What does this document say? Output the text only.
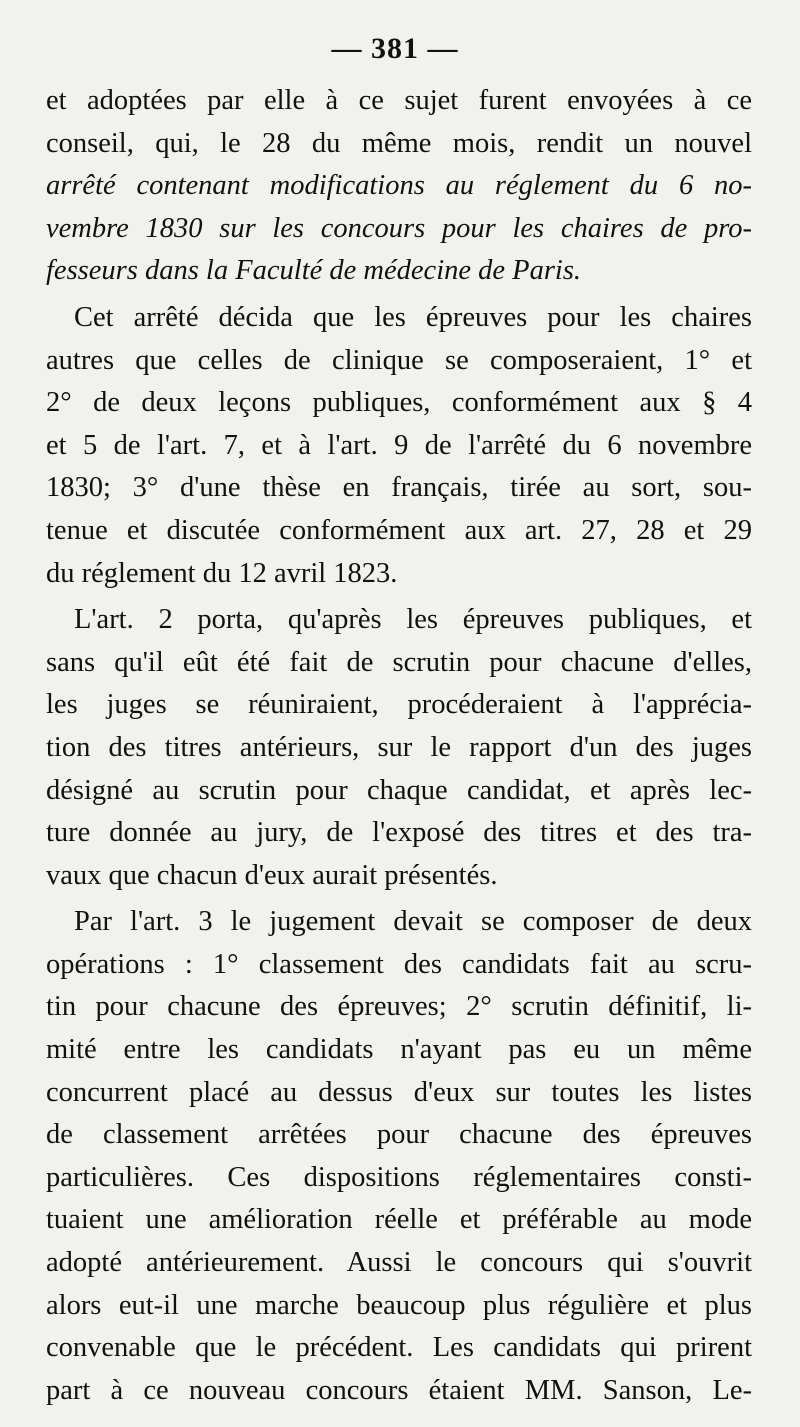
— 381 —
et adoptées par elle à ce sujet furent envoyées à ce
conseil, qui, le 28 du même mois, rendit un nouvel
arrêté contenant modifications au réglement du 6 no-
vembre 1830 sur les concours pour les chaires de pro-
fesseurs dans la Faculté de médecine de Paris.
Cet arrêté décida que les épreuves pour les chaires
autres que celles de clinique se composeraient, 1° et
2° de deux leçons publiques, conformément aux § 4
et 5 de l'art. 7, et à l'art. 9 de l'arrêté du 6 novembre
1830; 3° d'une thèse en français, tirée au sort, sou-
tenue et discutée conformément aux art. 27, 28 et 29
du réglement du 12 avril 1823.
L'art. 2 porta, qu'après les épreuves publiques, et
sans qu'il eût été fait de scrutin pour chacune d'elles,
les juges se réuniraient, procéderaient à l'apprécia-
tion des titres antérieurs, sur le rapport d'un des juges
désigné au scrutin pour chaque candidat, et après lec-
ture donnée au jury, de l'exposé des titres et des tra-
vaux que chacun d'eux aurait présentés.
Par l'art. 3 le jugement devait se composer de deux
opérations : 1° classement des candidats fait au scru-
tin pour chacune des épreuves; 2° scrutin définitif, li-
mité entre les candidats n'ayant pas eu un même
concurrent placé au dessus d'eux sur toutes les listes
de classement arrêtées pour chacune des épreuves
particulières. Ces dispositions réglementaires consti-
tuaient une amélioration réelle et préférable au mode
adopté antérieurement. Aussi le concours qui s'ouvrit
alors eut-il une marche beaucoup plus régulière et plus
convenable que le précédent. Les candidats qui prirent
part à ce nouveau concours étaient MM. Sanson, Le-
